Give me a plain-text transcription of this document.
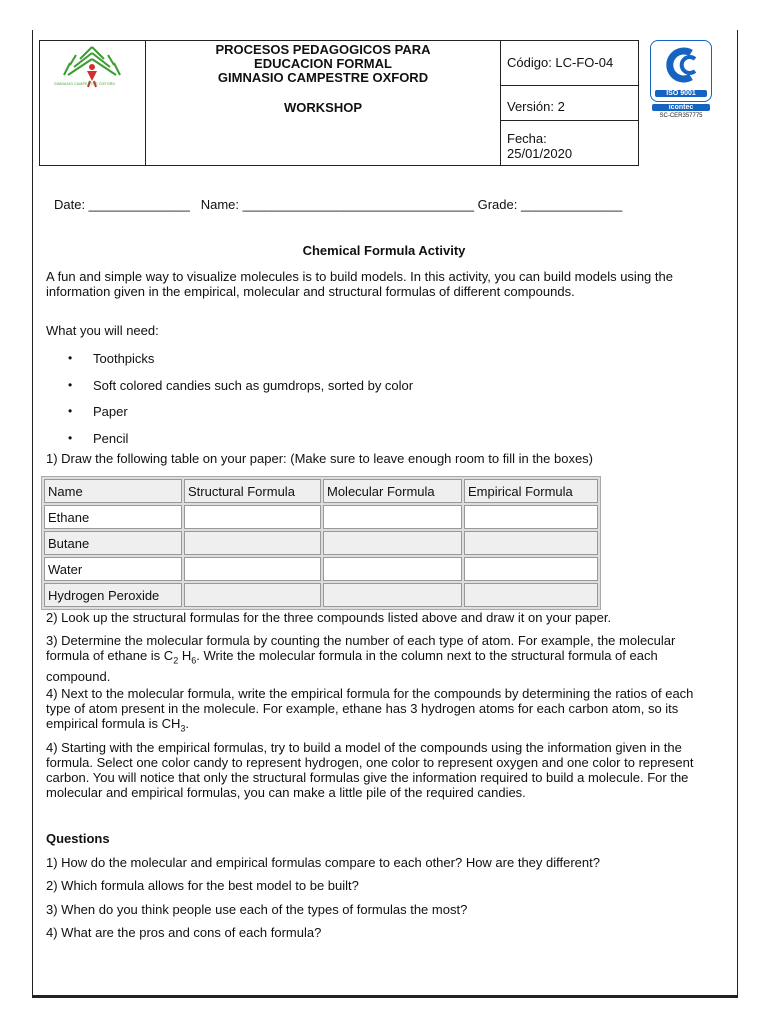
GIMNASIO CAMPESTRE OXFORD

PROCESOS PEDAGOGICOS PARA
EDUCACION FORMAL
GIMNASIO CAMPESTRE OXFORD
WORKSHOP

Código: LC-FO-04

Versión: 2

Fecha:
25/01/2020
ISO 9001
icontec
SC-CER357775
Date: ______________   Name: ________________________________ Grade: ______________
Chemical Formula Activity
A fun and simple way to visualize molecules is to build models. In this activity, you can build models using the information given in the empirical, molecular and structural formulas of different compounds.
What you will need:
• Toothpicks
• Soft colored candies such as gumdrops, sorted by color
• Paper
• Pencil
1) Draw the following table on your paper: (Make sure to leave enough room to fill in the boxes)
Name	Structural Formula	Molecular Formula	Empirical Formula
Ethane			
Butane			
Water			
Hydrogen Peroxide			
2) Look up the structural formulas for the three compounds listed above and draw it on your paper.
3) Determine the molecular formula by counting the number of each type of atom. For example, the molecular formula of ethane is $C_2$ $H_6$. Write the molecular formula in the column next to the structural formula of each compound.
4) Next to the molecular formula, write the empirical formula for the compounds by determining the ratios of each type of atom present in the molecule. For example, ethane has 3 hydrogen atoms for each carbon atom, so its empirical formula is $CH_3$.
4) Starting with the empirical formulas, try to build a model of the compounds using the information given in the formula. Select one color candy to represent hydrogen, one color to represent oxygen and one color to represent carbon. You will notice that only the structural formulas give the information required to build a molecule. For the molecular and empirical formulas, you can make a little pile of the required candies.
Questions
1) How do the molecular and empirical formulas compare to each other? How are they different?
2) Which formula allows for the best model to be built?
3) When do you think people use each of the types of formulas the most?
4) What are the pros and cons of each formula?
